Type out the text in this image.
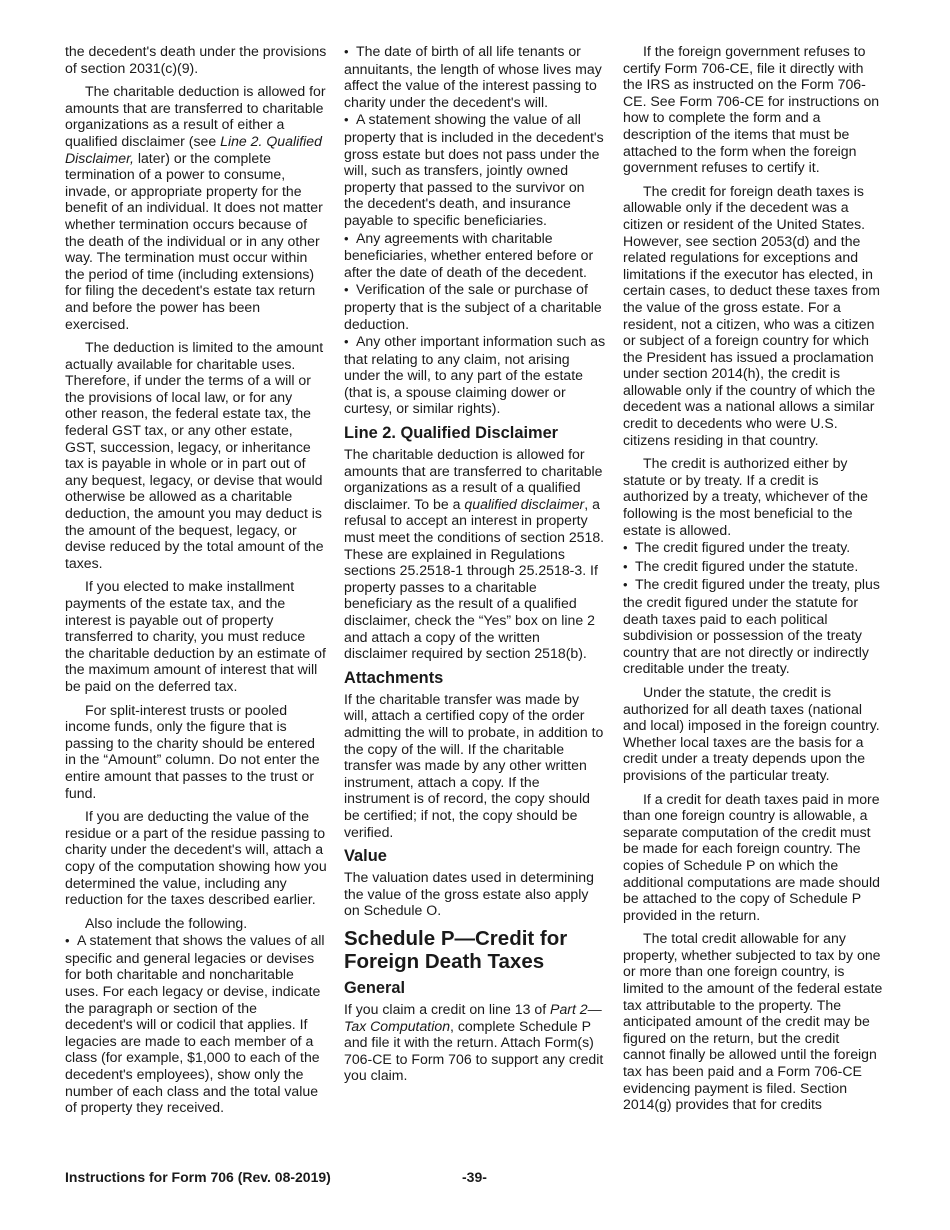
the decedent's death under the provisions of section 2031(c)(9).

The charitable deduction is allowed for amounts that are transferred to charitable organizations as a result of either a qualified disclaimer (see Line 2. Qualified Disclaimer, later) or the complete termination of a power to consume, invade, or appropriate property for the benefit of an individual. It does not matter whether termination occurs because of the death of the individual or in any other way. The termination must occur within the period of time (including extensions) for filing the decedent's estate tax return and before the power has been exercised.

The deduction is limited to the amount actually available for charitable uses. Therefore, if under the terms of a will or the provisions of local law, or for any other reason, the federal estate tax, the federal GST tax, or any other estate, GST, succession, legacy, or inheritance tax is payable in whole or in part out of any bequest, legacy, or devise that would otherwise be allowed as a charitable deduction, the amount you may deduct is the amount of the bequest, legacy, or devise reduced by the total amount of the taxes.

If you elected to make installment payments of the estate tax, and the interest is payable out of property transferred to charity, you must reduce the charitable deduction by an estimate of the maximum amount of interest that will be paid on the deferred tax.

For split-interest trusts or pooled income funds, only the figure that is passing to the charity should be entered in the “Amount” column. Do not enter the entire amount that passes to the trust or fund.

If you are deducting the value of the residue or a part of the residue passing to charity under the decedent's will, attach a copy of the computation showing how you determined the value, including any reduction for the taxes described earlier.

Also include the following.

• A statement that shows the values of all specific and general legacies or devises for both charitable and noncharitable uses. For each legacy or devise, indicate the paragraph or section of the decedent's will or codicil that applies. If legacies are made to each member of a class (for example, $1,000 to each of the decedent's employees), show only the number of each class and the total value of property they received.

• The date of birth of all life tenants or annuitants, the length of whose lives may affect the value of the interest passing to charity under the decedent's will.

• A statement showing the value of all property that is included in the decedent's gross estate but does not pass under the will, such as transfers, jointly owned property that passed to the survivor on the decedent's death, and insurance payable to specific beneficiaries.

• Any agreements with charitable beneficiaries, whether entered before or after the date of death of the decedent.

• Verification of the sale or purchase of property that is the subject of a charitable deduction.

• Any other important information such as that relating to any claim, not arising under the will, to any part of the estate (that is, a spouse claiming dower or curtesy, or similar rights).

Line 2. Qualified Disclaimer

The charitable deduction is allowed for amounts that are transferred to charitable organizations as a result of a qualified disclaimer. To be a qualified disclaimer, a refusal to accept an interest in property must meet the conditions of section 2518. These are explained in Regulations sections 25.2518-1 through 25.2518-3. If property passes to a charitable beneficiary as the result of a qualified disclaimer, check the “Yes” box on line 2 and attach a copy of the written disclaimer required by section 2518(b).

Attachments

If the charitable transfer was made by will, attach a certified copy of the order admitting the will to probate, in addition to the copy of the will. If the charitable transfer was made by any other written instrument, attach a copy. If the instrument is of record, the copy should be certified; if not, the copy should be verified.

Value

The valuation dates used in determining the value of the gross estate also apply on Schedule O.

Schedule P—Credit for Foreign Death Taxes
General

If you claim a credit on line 13 of Part 2—Tax Computation, complete Schedule P and file it with the return. Attach Form(s) 706-CE to Form 706 to support any credit you claim.

If the foreign government refuses to certify Form 706-CE, file it directly with the IRS as instructed on the Form 706-CE. See Form 706-CE for instructions on how to complete the form and a description of the items that must be attached to the form when the foreign government refuses to certify it.

The credit for foreign death taxes is allowable only if the decedent was a citizen or resident of the United States. However, see section 2053(d) and the related regulations for exceptions and limitations if the executor has elected, in certain cases, to deduct these taxes from the value of the gross estate. For a resident, not a citizen, who was a citizen or subject of a foreign country for which the President has issued a proclamation under section 2014(h), the credit is allowable only if the country of which the decedent was a national allows a similar credit to decedents who were U.S. citizens residing in that country.

The credit is authorized either by statute or by treaty. If a credit is authorized by a treaty, whichever of the following is the most beneficial to the estate is allowed.

• The credit figured under the treaty.

• The credit figured under the statute.

• The credit figured under the treaty, plus the credit figured under the statute for death taxes paid to each political subdivision or possession of the treaty country that are not directly or indirectly creditable under the treaty.

Under the statute, the credit is authorized for all death taxes (national and local) imposed in the foreign country. Whether local taxes are the basis for a credit under a treaty depends upon the provisions of the particular treaty.

If a credit for death taxes paid in more than one foreign country is allowable, a separate computation of the credit must be made for each foreign country. The copies of Schedule P on which the additional computations are made should be attached to the copy of Schedule P provided in the return.

The total credit allowable for any property, whether subjected to tax by one or more than one foreign country, is limited to the amount of the federal estate tax attributable to the property. The anticipated amount of the credit may be figured on the return, but the credit cannot finally be allowed until the foreign tax has been paid and a Form 706-CE evidencing payment is filed. Section 2014(g) provides that for credits

Instructions for Form 706 (Rev. 08-2019)	-39-
